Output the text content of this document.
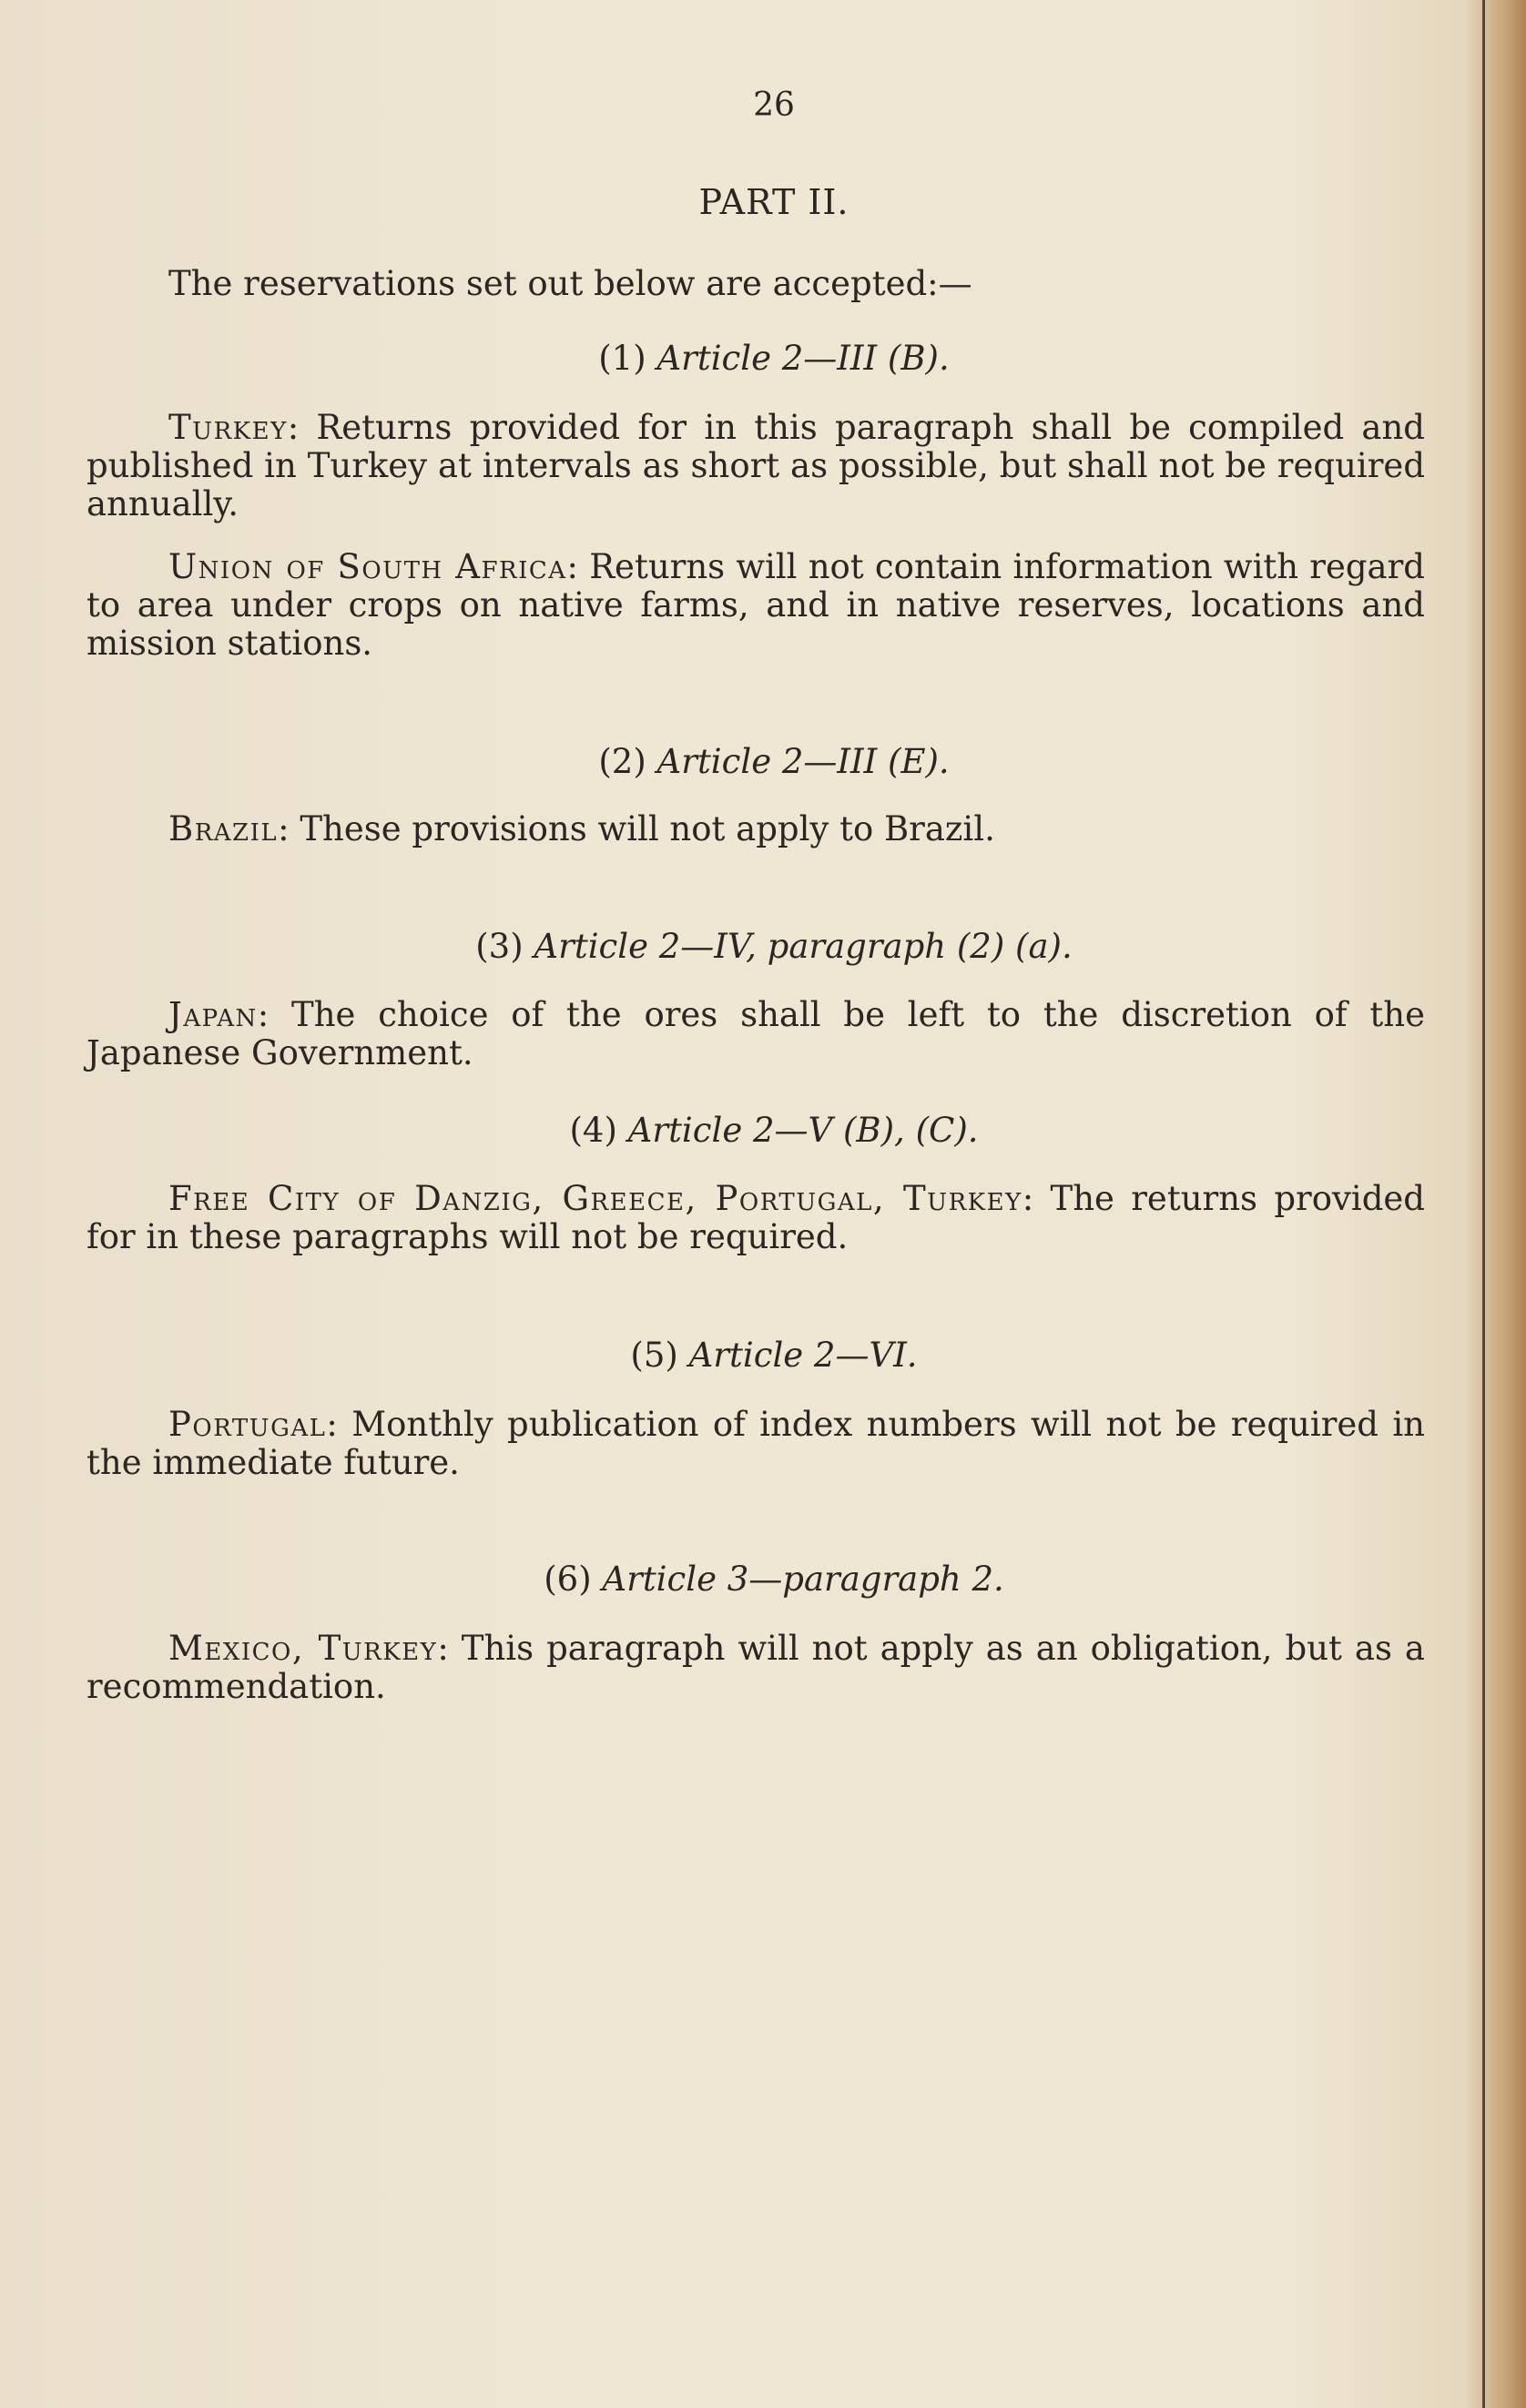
26
PART II.
The reservations set out below are accepted:—
(1) Article 2—III (B).
Turkey: Returns provided for in this paragraph shall be compiled and published in Turkey at intervals as short as possible, but shall not be required annually.
Union of South Africa: Returns will not contain information with regard to area under crops on native farms, and in native reserves, locations and mission stations.
(2) Article 2—III (E).
Brazil: These provisions will not apply to Brazil.
(3) Article 2—IV, paragraph (2) (a).
Japan: The choice of the ores shall be left to the discretion of the Japanese Government.
(4) Article 2—V (B), (C).
Free City of Danzig, Greece, Portugal, Turkey: The returns provided for in these paragraphs will not be required.
(5) Article 2—VI.
Portugal: Monthly publication of index numbers will not be required in the immediate future.
(6) Article 3—paragraph 2.
Mexico, Turkey: This paragraph will not apply as an obligation, but as a recommendation.
